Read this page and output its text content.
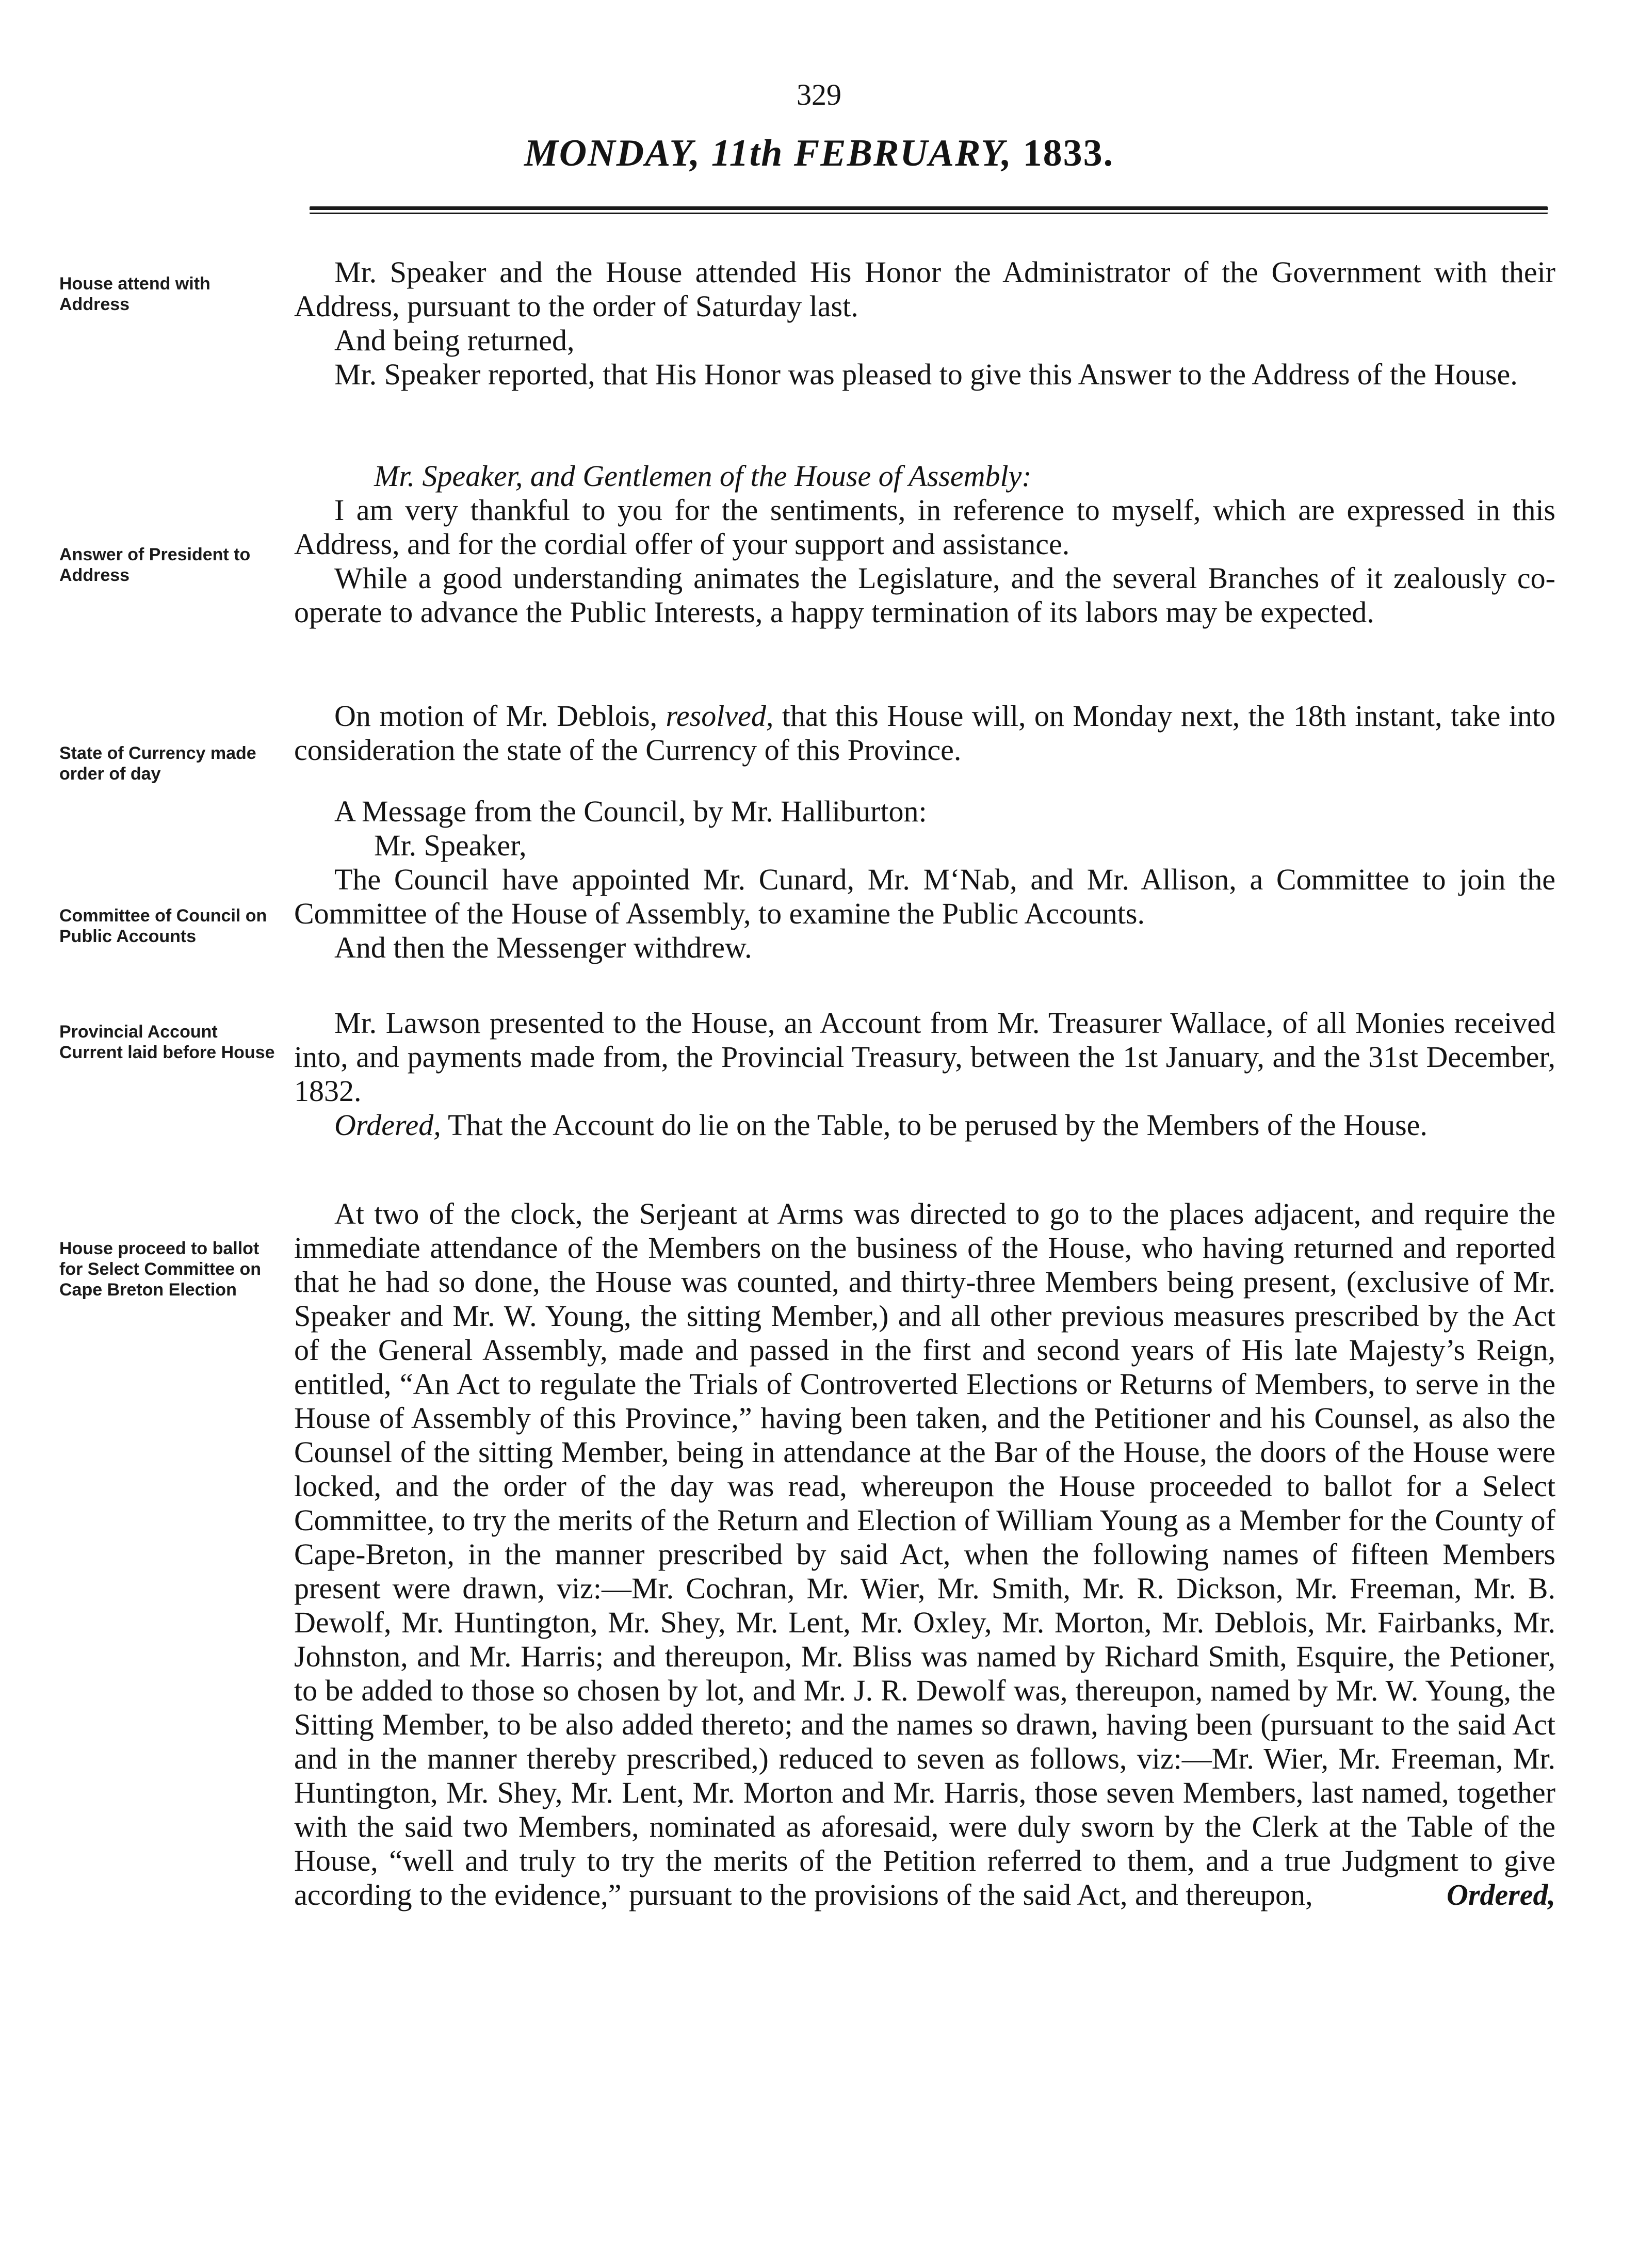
329
MONDAY, 11th FEBRUARY, 1833.
House attend with Address
Answer of President to Address
State of Currency made order of day
Committee of Council on Public Accounts
Provincial Account Current laid before House
House proceed to ballot for Select Committee on Cape Breton Election

Mr. Speaker and the House attended His Honor the Administrator of the Government with their Address, pursuant to the order of Saturday last.

And being returned,

Mr. Speaker reported, that His Honor was pleased to give this Answer to the Address of the House.

Mr. Speaker, and Gentlemen of the House of Assembly:

I am very thankful to you for the sentiments, in reference to myself, which are expressed in this Address, and for the cordial offer of your support and assistance.

While a good understanding animates the Legislature, and the several Branches of it zealously co-operate to advance the Public Interests, a happy termination of its labors may be expected.

On motion of Mr. Deblois, resolved, that this House will, on Monday next, the 18th instant, take into consideration the state of the Currency of this Province.

A Message from the Council, by Mr. Halliburton:

Mr. Speaker,

The Council have appointed Mr. Cunard, Mr. M‘Nab, and Mr. Allison, a Committee to join the Committee of the House of Assembly, to examine the Public Accounts.

And then the Messenger withdrew.

Mr. Lawson presented to the House, an Account from Mr. Treasurer Wallace, of all Monies received into, and payments made from, the Provincial Treasury, between the 1st January, and the 31st December, 1832.

Ordered, That the Account do lie on the Table, to be perused by the Members of the House.

At two of the clock, the Serjeant at Arms was directed to go to the places adjacent, and require the immediate attendance of the Members on the business of the House, who having returned and reported that he had so done, the House was counted, and thirty-three Members being present, (exclusive of Mr. Speaker and Mr. W. Young, the sitting Member,) and all other previous measures prescribed by the Act of the General Assembly, made and passed in the first and second years of His late Majesty’s Reign, entitled, “An Act to regulate the Trials of Controverted Elections or Returns of Members, to serve in the House of Assembly of this Province,” having been taken, and the Petitioner and his Counsel, as also the Counsel of the sitting Member, being in attendance at the Bar of the House, the doors of the House were locked, and the order of the day was read, whereupon the House proceeded to ballot for a Select Committee, to try the merits of the Return and Election of William Young as a Member for the County of Cape-Breton, in the manner prescribed by said Act, when the following names of fifteen Members present were drawn, viz:—Mr. Cochran, Mr. Wier, Mr. Smith, Mr. R. Dickson, Mr. Freeman, Mr. B. Dewolf, Mr. Huntington, Mr. Shey, Mr. Lent, Mr. Oxley, Mr. Morton, Mr. Deblois, Mr. Fairbanks, Mr. Johnston, and Mr. Harris; and thereupon, Mr. Bliss was named by Richard Smith, Esquire, the Petioner, to be added to those so chosen by lot, and Mr. J. R. Dewolf was, thereupon, named by Mr. W. Young, the Sitting Member, to be also added thereto; and the names so drawn, having been (pursuant to the said Act and in the manner thereby prescribed,) reduced to seven as follows, viz:—Mr. Wier, Mr. Freeman, Mr. Huntington, Mr. Shey, Mr. Lent, Mr. Morton and Mr. Harris, those seven Members, last named, together with the said two Members, nominated as aforesaid, were duly sworn by the Clerk at the Table of the House, “well and truly to try the merits of the Petition referred to them, and a true Judgment to give according to the evidence,” pursuant to the provisions of the said Act, and thereupon,	Ordered,
